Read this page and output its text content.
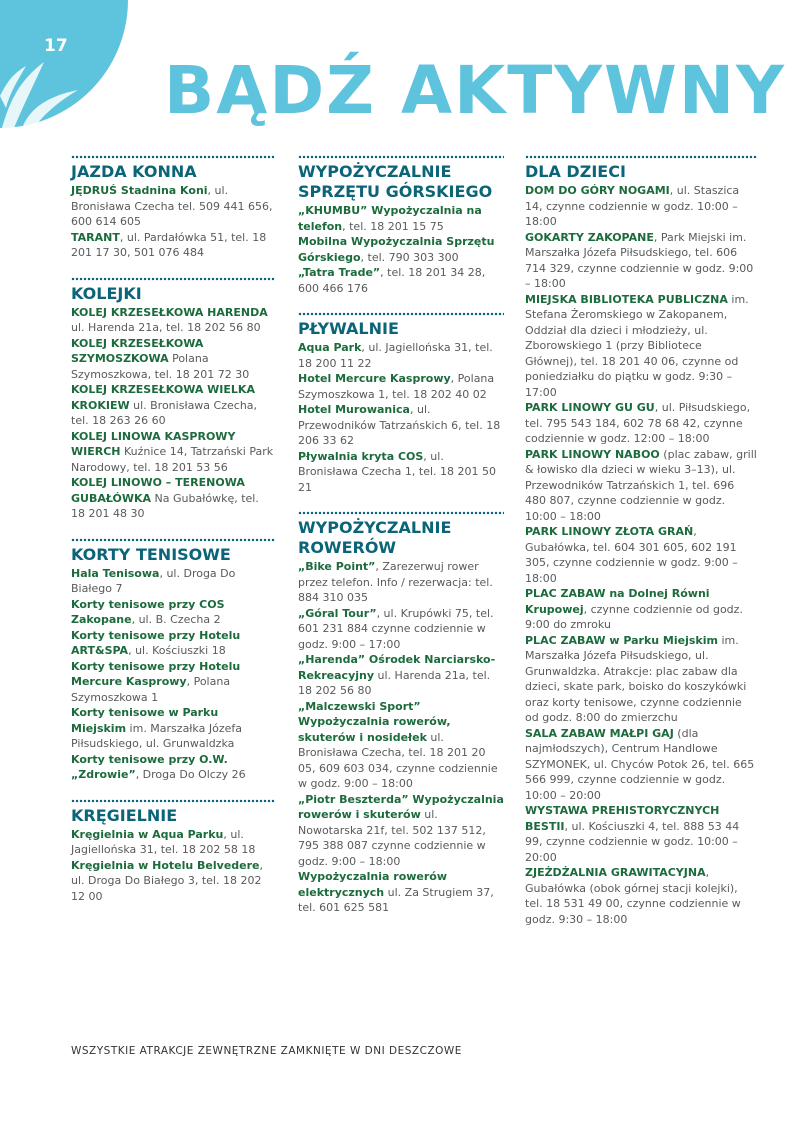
17
BĄDŹ AKTYWNY
JAZDA KONNA

JĘDRUŚ Stadnina Koni, ul. Bronisława Czecha tel. 509 441 656, 600 614 605

TARANT, ul. Pardałówka 51, tel. 18 201 17 30, 501 076 484

KOLEJKI

KOLEJ KRZESEŁKOWA HARENDA ul. Harenda 21a, tel. 18 202 56 80

KOLEJ KRZESEŁKOWA SZYMOSZKOWA Polana Szymoszkowa, tel. 18 201 72 30

KOLEJ KRZESEŁKOWA WIELKA KROKIEW ul. Bronisława Czecha, tel. 18 263 26 60

KOLEJ LINOWA KASPROWY WIERCH Kuźnice 14, Tatrzański Park Narodowy, tel. 18 201 53 56

KOLEJ LINOWO – TERENOWA GUBAŁÓWKA Na Gubałówkę, tel. 18 201 48 30

KORTY TENISOWE

Hala Tenisowa, ul. Droga Do Białego 7

Korty tenisowe przy COS Zakopane, ul. B. Czecha 2

Korty tenisowe przy Hotelu ART&SPA, ul. Kościuszki 18

Korty tenisowe przy Hotelu Mercure Kasprowy, Polana Szymoszkowa 1

Korty tenisowe w Parku Miejskim im. Marszałka Józefa Piłsudskiego, ul. Grunwaldzka

Korty tenisowe przy O.W. „Zdrowie”, Droga Do Olczy 26

KRĘGIELNIE

Kręgielnia w Aqua Parku, ul. Jagiellońska 31, tel. 18 202 58 18

Kręgielnia w Hotelu Belvedere, ul. Droga Do Białego 3, tel. 18 202 12 00

WYPOŻYCZALNIE SPRZĘTU GÓRSKIEGO

„KHUMBU” Wypożyczalnia na telefon, tel. 18 201 15 75

Mobilna Wypożyczalnia Sprzętu Górskiego, tel. 790 303 300

„Tatra Trade”, tel. 18 201 34 28, 600 466 176

PŁYWALNIE

Aqua Park, ul. Jagiellońska 31, tel. 18 200 11 22

Hotel Mercure Kasprowy, Polana Szymoszkowa 1, tel. 18 202 40 02

Hotel Murowanica, ul. Przewodników Tatrzańskich 6, tel. 18 206 33 62

Pływalnia kryta COS, ul. Bronisława Czecha 1, tel. 18 201 50 21

WYPOŻYCZALNIE ROWERÓW

„Bike Point”, Zarezerwuj rower przez telefon. Info / rezerwacja: tel. 884 310 035

„Góral Tour”, ul. Krupówki 75, tel. 601 231 884 czynne codziennie w godz. 9:00 – 17:00

„Harenda” Ośrodek Narciarsko-Rekreacyjny ul. Harenda 21a, tel. 18 202 56 80

„Malczewski Sport” Wypożyczalnia rowerów, skuterów i nosidełek ul. Bronisława Czecha, tel. 18 201 20 05, 609 603 034, czynne codziennie w godz. 9:00 – 18:00

„Piotr Beszterda” Wypożyczalnia rowerów i skuterów ul. Nowotarska 21f, tel. 502 137 512, 795 388 087 czynne codziennie w godz. 9:00 – 18:00

Wypożyczalnia rowerów elektrycznych ul. Za Strugiem 37, tel. 601 625 581

DLA DZIECI

DOM DO GÓRY NOGAMI, ul. Staszica 14, czynne codziennie w godz. 10:00 – 18:00

GOKARTY ZAKOPANE, Park Miejski im. Marszałka Józefa Piłsudskiego, tel. 606 714 329, czynne codziennie w godz. 9:00 – 18:00

MIEJSKA BIBLIOTEKA PUBLICZNA im. Stefana Żeromskiego w Zakopanem, Oddział dla dzieci i młodzieży, ul. Zborowskiego 1 (przy Bibliotece Głównej), tel. 18 201 40 06, czynne od poniedziałku do piątku w godz. 9:30 – 17:00

PARK LINOWY GU GU, ul. Piłsudskiego, tel. 795 543 184, 602 78 68 42, czynne codziennie w godz. 12:00 – 18:00

PARK LINOWY NABOO (plac zabaw, grill & łowisko dla dzieci w wieku 3–13), ul. Przewodników Tatrzańskich 1, tel. 696 480 807, czynne codziennie w godz. 10:00 – 18:00

PARK LINOWY ZŁOTA GRAŃ, Gubałówka, tel. 604 301 605, 602 191 305, czynne codziennie w godz. 9:00 – 18:00

PLAC ZABAW na Dolnej Równi Krupowej, czynne codziennie od godz. 9:00 do zmroku

PLAC ZABAW w Parku Miejskim im. Marszałka Józefa Piłsudskiego, ul. Grunwaldzka. Atrakcje: plac zabaw dla dzieci, skate park, boisko do koszykówki oraz korty tenisowe, czynne codziennie od godz. 8:00 do zmierzchu

SALA ZABAW MAŁPI GAJ (dla najmłodszych), Centrum Handlowe SZYMONEK, ul. Chyców Potok 26, tel. 665 566 999, czynne codziennie w godz. 10:00 – 20:00

WYSTAWA PREHISTORYCZNYCH BESTII, ul. Kościuszki 4, tel. 888 53 44 99, czynne codziennie w godz. 10:00 – 20:00

ZJEŻDŻALNIA GRAWITACYJNA, Gubałówka (obok górnej stacji kolejki), tel. 18 531 49 00, czynne codziennie w godz. 9:30 – 18:00

WSZYSTKIE ATRAKCJE ZEWNĘTRZNE ZAMKNIĘTE W DNI DESZCZOWE
